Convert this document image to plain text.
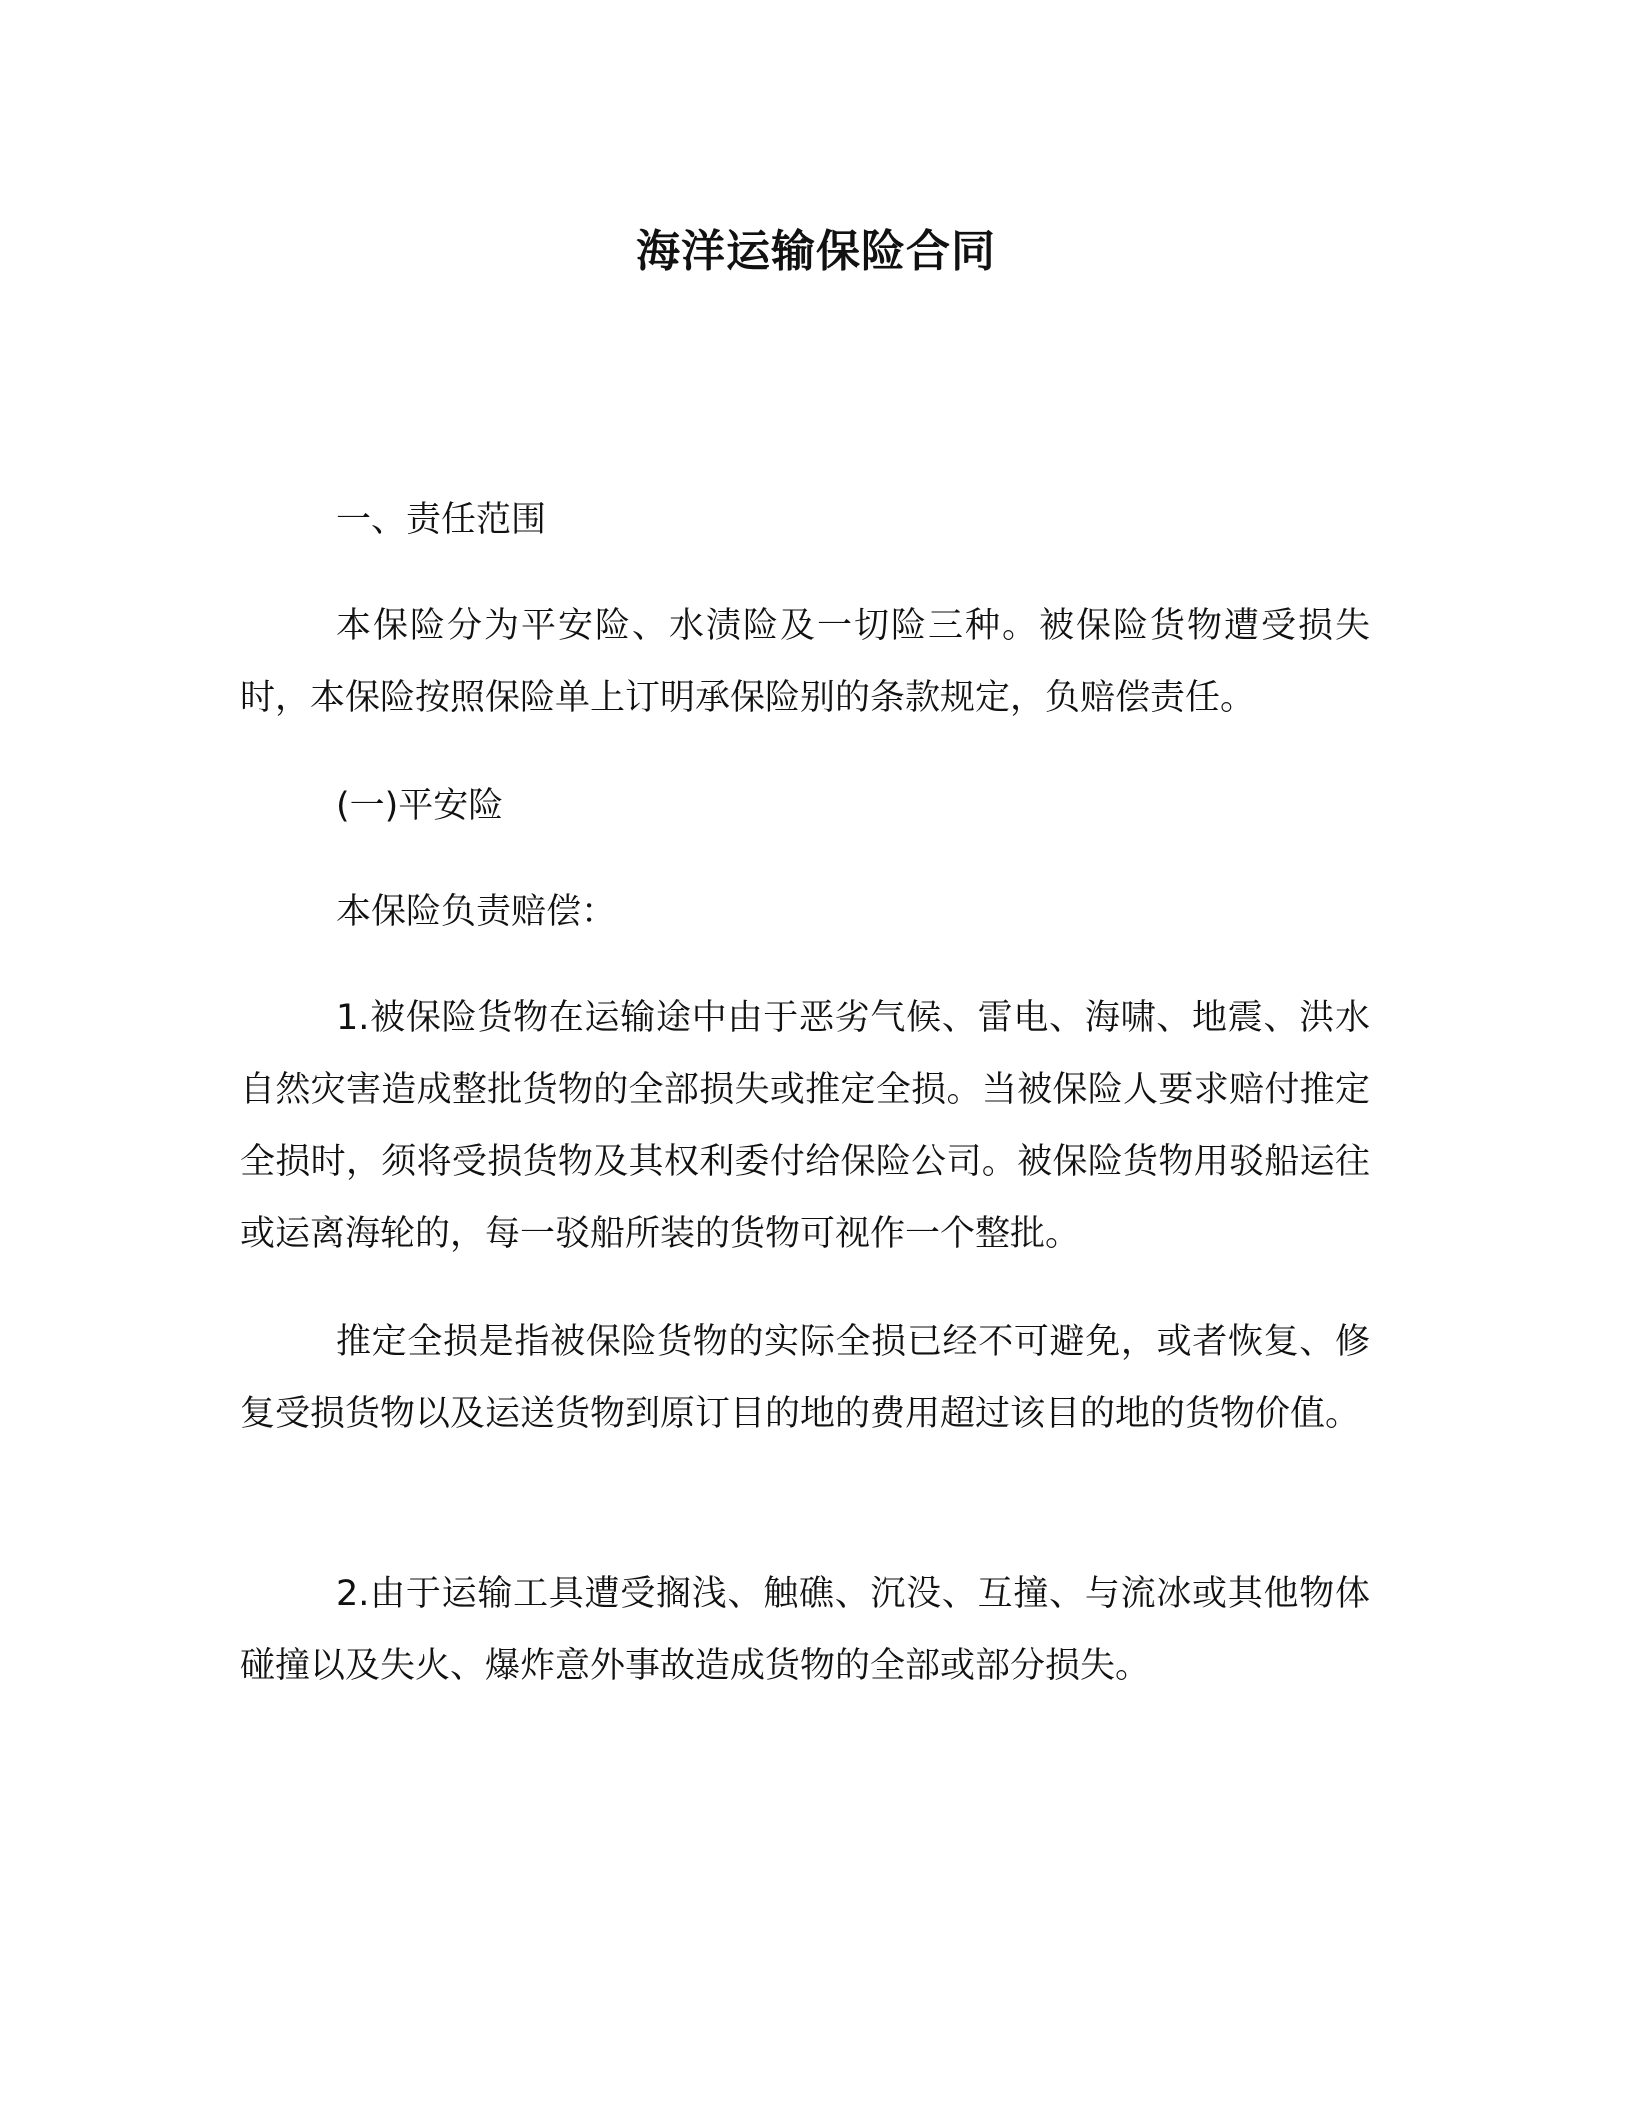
海洋运输保险合同

一、责任范围

本保险分为平安险、水渍险及一切险三种。被保险货物遭受损失时，本保险按照保险单上订明承保险别的条款规定，负赔偿责任。

(一)平安险

本保险负责赔偿：

1.被保险货物在运输途中由于恶劣气候、雷电、海啸、地震、洪水自然灾害造成整批货物的全部损失或推定全损。当被保险人要求赔付推定全损时，须将受损货物及其权利委付给保险公司。被保险货物用驳船运往或运离海轮的，每一驳船所装的货物可视作一个整批。

推定全损是指被保险货物的实际全损已经不可避免，或者恢复、修复受损货物以及运送货物到原订目的地的费用超过该目的地的货物价值。

2.由于运输工具遭受搁浅、触礁、沉没、互撞、与流冰或其他物体碰撞以及失火、爆炸意外事故造成货物的全部或部分损失。
